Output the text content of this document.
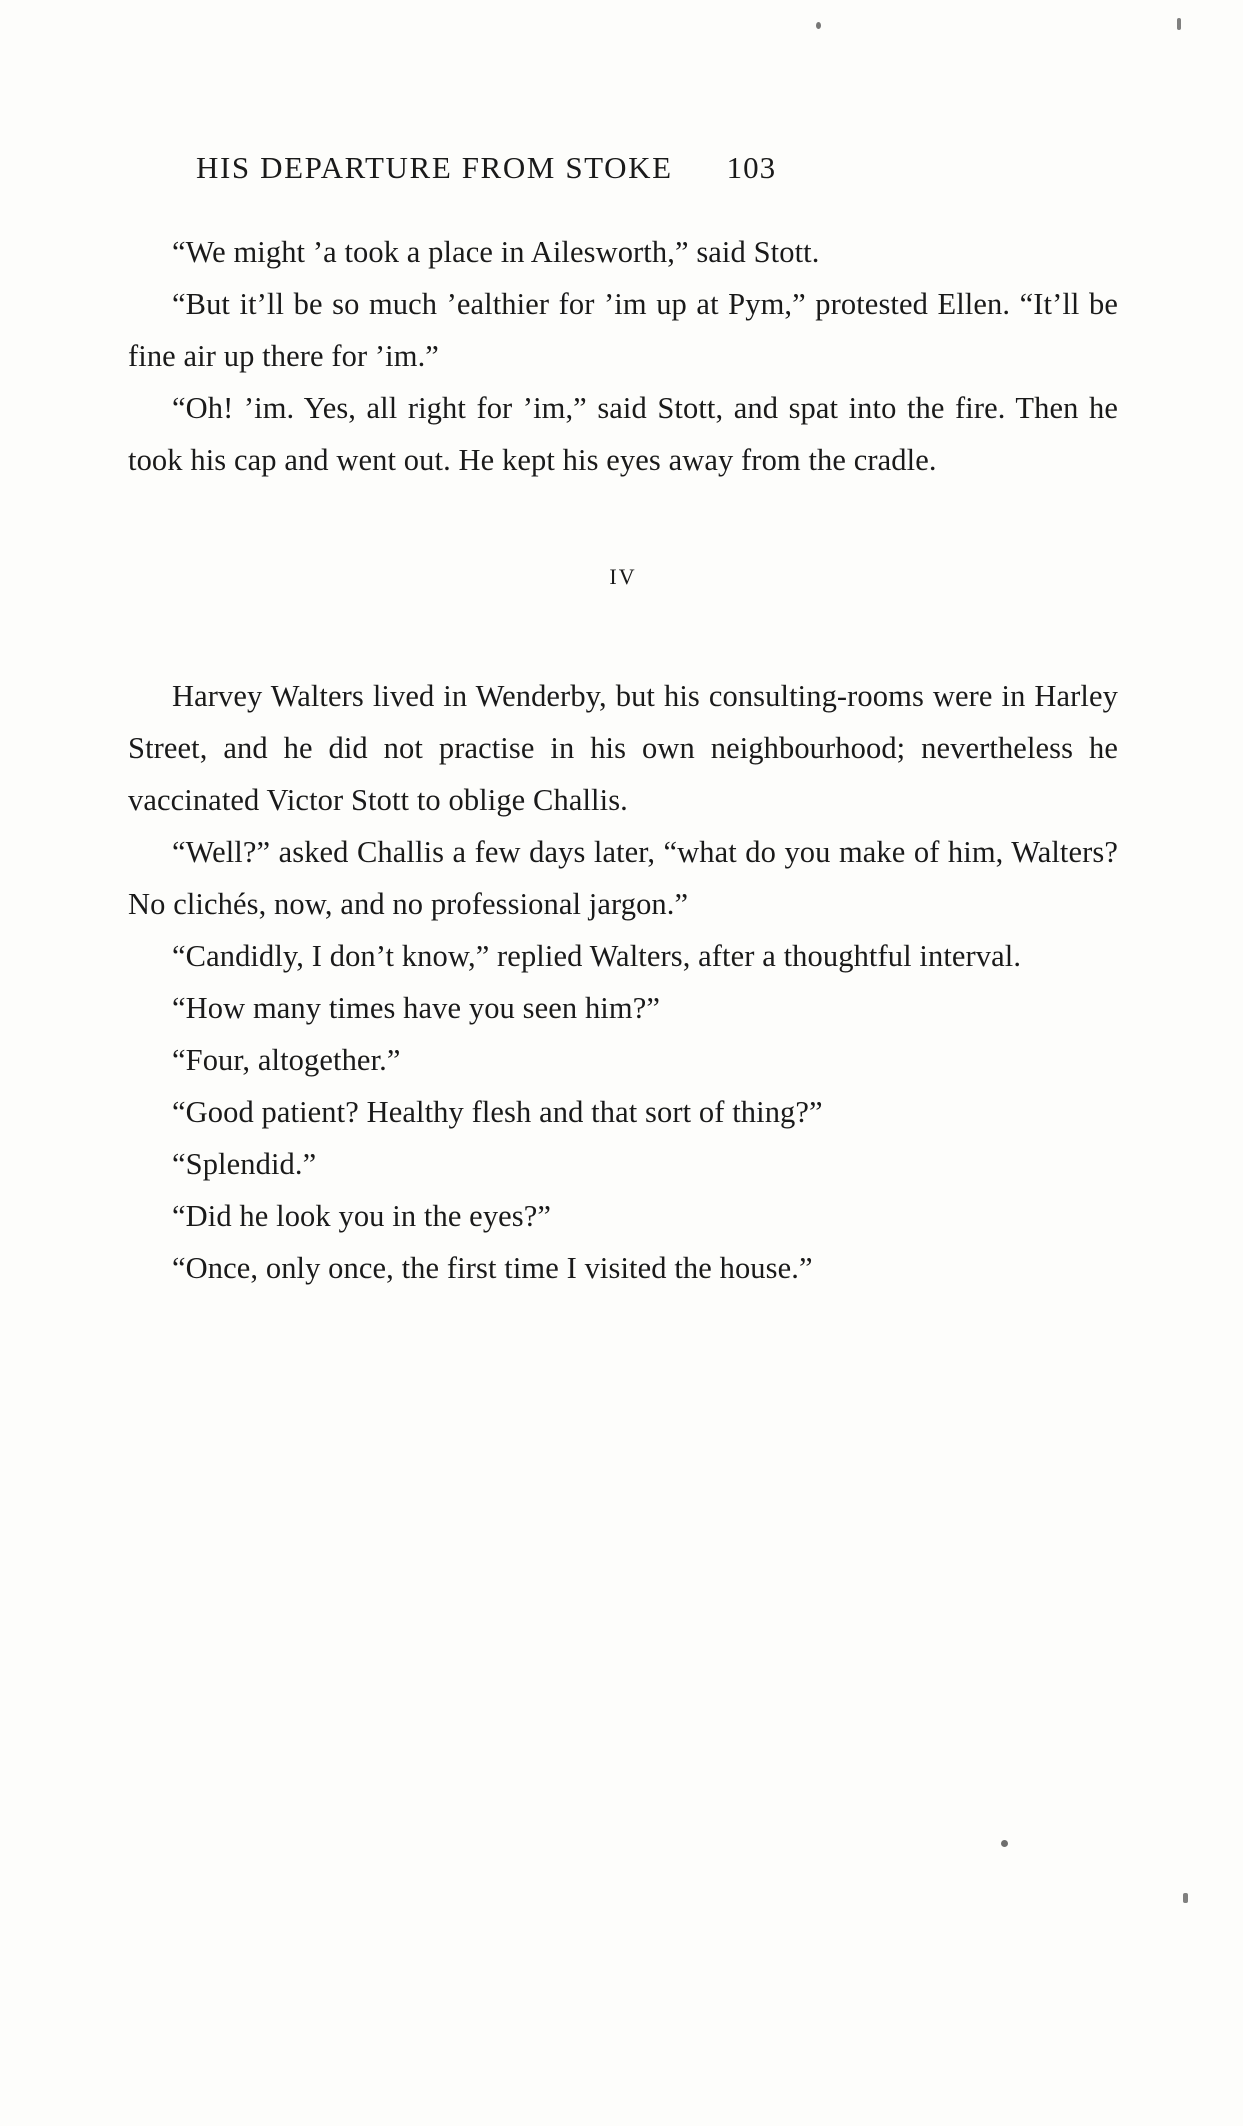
HIS DEPARTURE FROM STOKE 103

“We might ’a took a place in Ailesworth,” said Stott.

“But it’ll be so much ’ealthier for ’im up at Pym,” protested Ellen. “It’ll be fine air up there for ’im.”

“Oh! ’im. Yes, all right for ’im,” said Stott, and spat into the fire. Then he took his cap and went out. He kept his eyes away from the cradle.

IV

Harvey Walters lived in Wenderby, but his consulting-rooms were in Harley Street, and he did not practise in his own neighbourhood; nevertheless he vaccinated Victor Stott to oblige Challis.

“Well?” asked Challis a few days later, “what do you make of him, Walters? No clichés, now, and no professional jargon.”

“Candidly, I don’t know,” replied Walters, after a thoughtful interval.

“How many times have you seen him?”

“Four, altogether.”

“Good patient? Healthy flesh and that sort of thing?”

“Splendid.”

“Did he look you in the eyes?”

“Once, only once, the first time I visited the house.”
